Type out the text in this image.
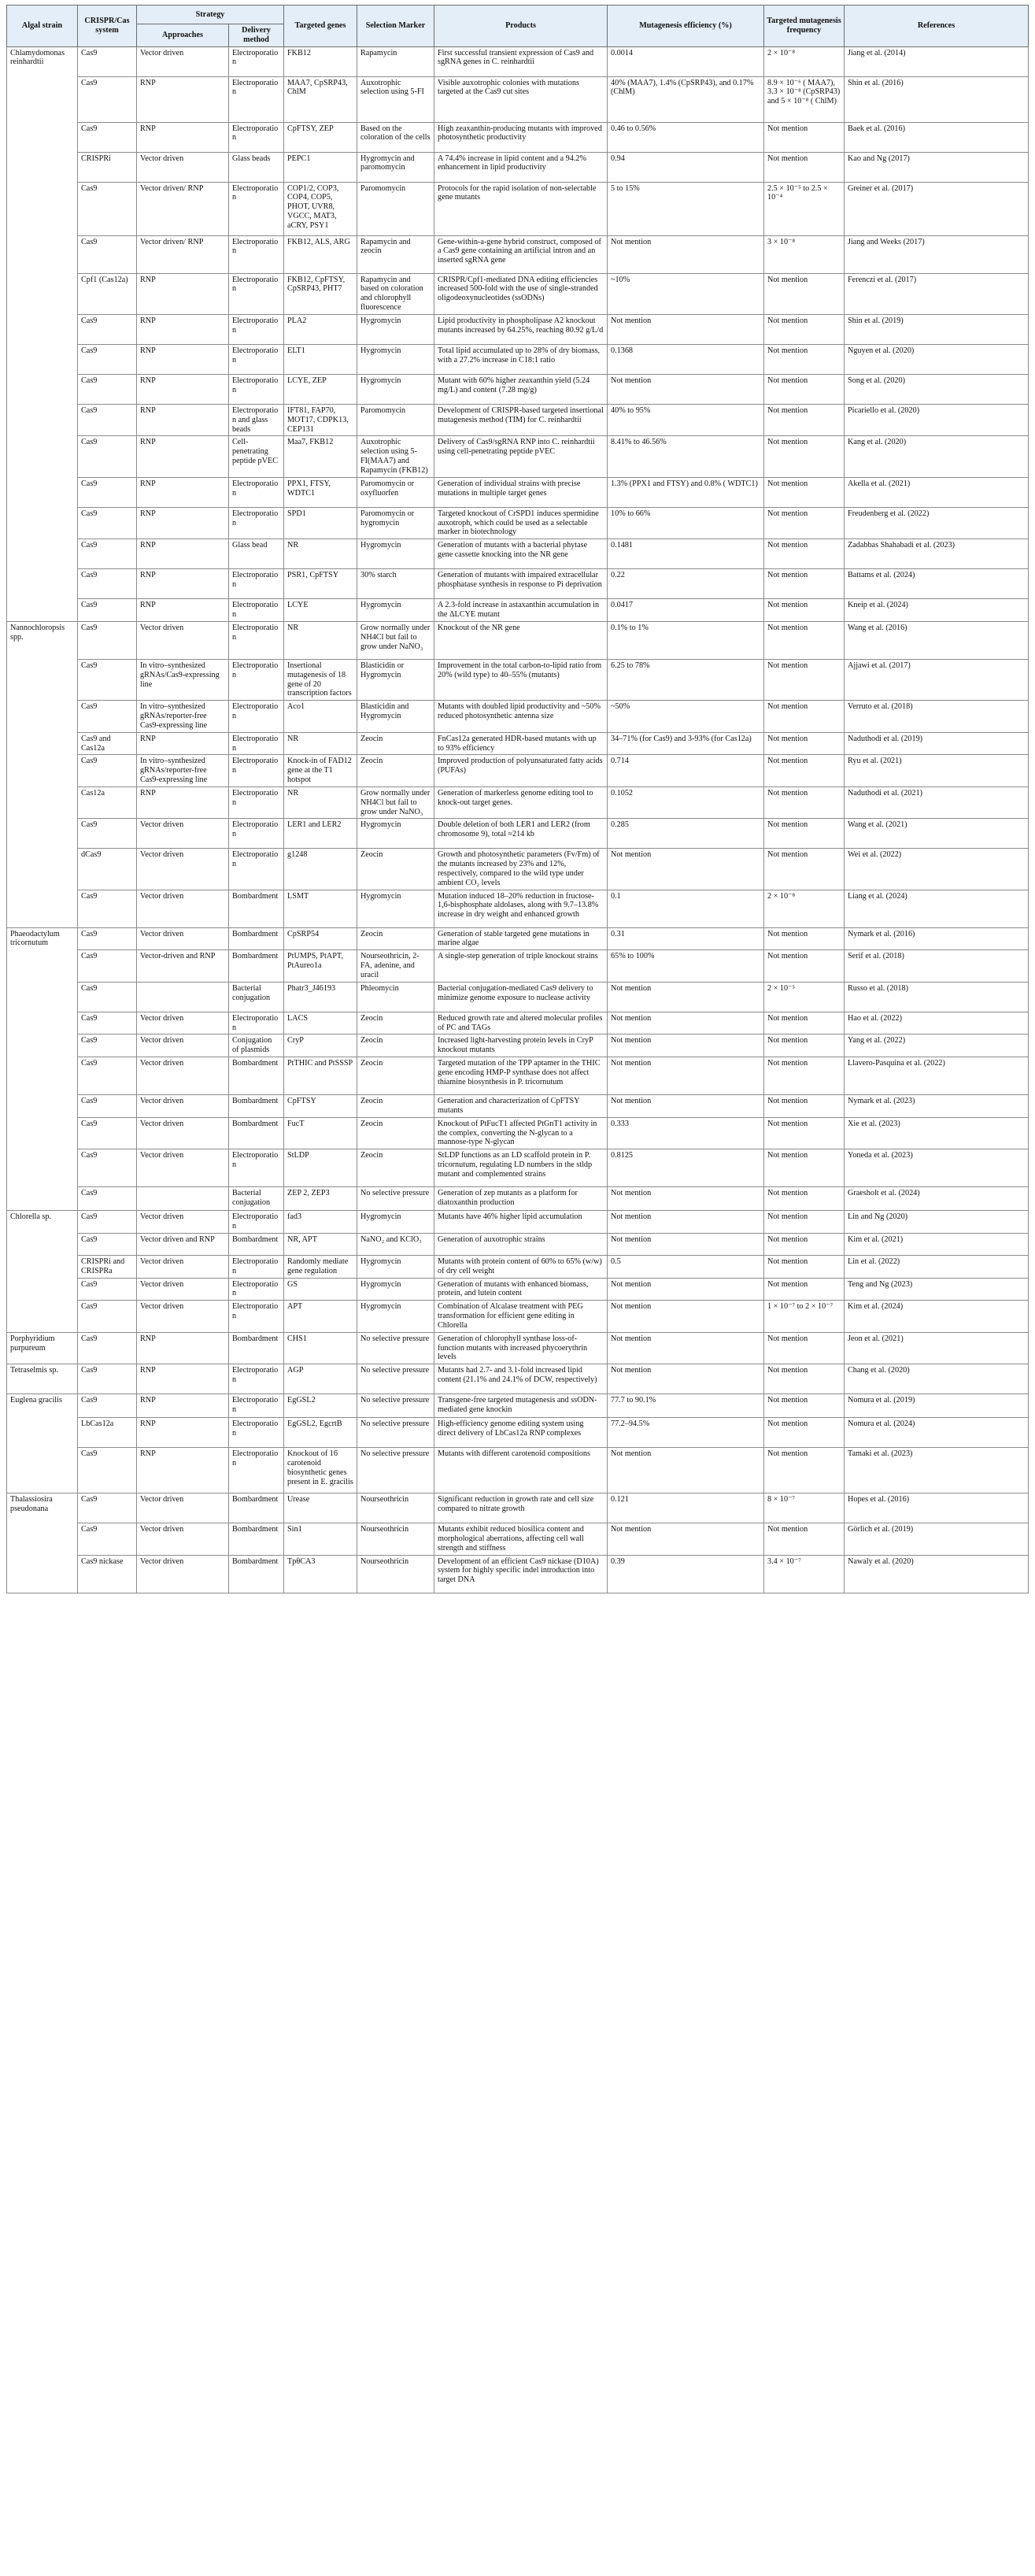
Algal strain	CRISPR/Cas system	Strategy		Targeted genes	Selection Marker	Products	Mutagenesis efficiency (%)	Targeted mutagenesis frequency	References
		Approaches	Delivery method						
Chlamydomonas reinhardtii	Cas9	Vector driven	Electroporation	FKB12	Rapamycin	First successful transient expression of Cas9 and sgRNA genes in C. reinhardtii	0.0014	2 × 10⁻⁸	Jiang et al. (2014)
	Cas9	RNP	Electroporation	MAA7, CpSRP43, ChlM	Auxotrophic selection using 5-FI	Visible auxotrophic colonies with mutations targeted at the Cas9 cut sites	40% (MAA7), 1.4% (CpSRP43), and 0.17% (ChlM)	8.9 × 10⁻⁶ ( MAA7), 3.3 × 10⁻⁸ (CpSRP43) and 5 × 10⁻⁸ ( ChlM)	Shin et al. (2016)
	Cas9	RNP	Electroporation	CpFTSY, ZEP	Based on the coloration of the cells	High zeaxanthin-producing mutants with improved photosynthetic productivity	0.46 to 0.56%	Not mention	Baek et al. (2016)
	CRISPRi	Vector driven	Glass beads	PEPC1	Hygromycin and paromomycin	A 74.4% increase in lipid content and a 94.2% enhancement in lipid productivity	0.94	Not mention	Kao and Ng (2017)
	Cas9	Vector driven/ RNP	Electroporation	COP1/2, COP3, COP4, COP5, PHOT, UVR8, VGCC, MAT3, aCRY, PSY1	Paromomycin	Protocols for the rapid isolation of non-selectable gene mutants	5 to 15%	2.5 × 10⁻⁵ to 2.5 × 10⁻⁴	Greiner et al. (2017)
	Cas9	Vector driven/ RNP	Electroporation	FKB12, ALS, ARG	Rapamycin and zeocin	Gene-within-a-gene hybrid construct, composed of a Cas9 gene containing an artificial intron and an inserted sgRNA gene	Not mention	3 × 10⁻⁸	Jiang and Weeks (2017)
	Cpf1 (Cas12a)	RNP	Electroporation	FKB12, CpFTSY, CpSRP43, PHT7	Rapamycin and based on coloration and chlorophyll fluorescence	CRISPR/Cpf1-mediated DNA editing efficiencies increased 500-fold with the use of single-stranded oligodeoxynucleotides (ssODNs)	~10%	Not mention	Ferenczi et al. (2017)
	Cas9	RNP	Electroporation	PLA2	Hygromycin	Lipid productivity in phospholipase A2 knockout mutants increased by 64.25%, reaching 80.92 g/L/d	Not mention	Not mention	Shin et al. (2019)
	Cas9	RNP	Electroporation	ELT1	Hygromycin	Total lipid accumulated up to 28% of dry biomass, with a 27.2% increase in C18:1 ratio	0.1368	Not mention	Nguyen et al. (2020)
	Cas9	RNP	Electroporation	LCYE, ZEP	Hygromycin	Mutant with 60% higher zeaxanthin yield (5.24 mg/L) and content (7.28 mg/g)	Not mention	Not mention	Song et al. (2020)
	Cas9	RNP	Electroporation and glass beads	IFT81, FAP70, MOT17, CDPK13, CEP131	Paromomycin	Development of CRISPR-based targeted insertional mutagenesis method (TIM) for C. reinhardtii	40% to 95%	Not mention	Picariello et al. (2020)
	Cas9	RNP	Cell-penetrating peptide pVEC	Maa7, FKB12	Auxotrophic selection using 5-FI(MAA7) and Rapamycin (FKB12)	Delivery of Cas9/sgRNA RNP into C. reinhardtii using cell-penetrating peptide pVEC	8.41% to 46.56%	Not mention	Kang et al. (2020)
	Cas9	RNP	Electroporation	PPX1, FTSY, WDTC1	Paromomycin or oxyfluorfen	Generation of individual strains with precise mutations in multiple target genes	1.3% (PPX1 and FTSY) and 0.8% ( WDTC1)	Not mention	Akella et al. (2021)
	Cas9	RNP	Electroporation	SPD1	Paromomycin or hygromycin	Targeted knockout of CrSPD1 induces spermidine auxotroph, which could be used as a selectable marker in biotechnology	10% to 66%	Not mention	Freudenberg et al. (2022)
	Cas9	RNP	Glass bead	NR	Hygromycin	Generation of mutants with a bacterial phytase gene cassette knocking into the NR gene	0.1481	Not mention	Zadabbas Shahabadi et al. (2023)
	Cas9	RNP	Electroporation	PSR1, CpFTSY	30% starch	Generation of mutants with impaired extracellular phosphatase synthesis in response to Pi deprivation	0.22	Not mention	Battams et al. (2024)
	Cas9	RNP	Electroporation	LCYE	Hygromycin	A 2.3-fold increase in astaxanthin accumulation in the ΔLCYE mutant	0.0417	Not mention	Kneip et al. (2024)
Nannochloropsis spp.	Cas9	Vector driven	Electroporation	NR	Grow normally under NH4Cl but fail to grow under NaNO₃	Knockout of the NR gene	0.1% to 1%	Not mention	Wang et al. (2016)
	Cas9	In vitro–synthesized gRNAs/Cas9-expressing line	Electroporation	Insertional mutagenesis of 18 gene of 20 transcription factors	Blasticidin or Hygromycin	Improvement in the total carbon-to-lipid ratio from 20% (wild type) to 40–55% (mutants)	6.25 to 78%	Not mention	Ajjawi et al. (2017)
	Cas9	In vitro–synthesized gRNAs/reporter-free Cas9-expressing line	Electroporation	Aco1	Blasticidin and Hygromycin	Mutants with doubled lipid productivity and ~50% reduced photosynthetic antenna size	~50%	Not mention	Verruto et al. (2018)
	Cas9 and Cas12a	RNP	Electroporation	NR	Zeocin	FnCas12a generated HDR-based mutants with up to 93% efficiency	34–71% (for Cas9) and 3-93% (for Cas12a)	Not mention	Naduthodi et al. (2019)
	Cas9	In vitro–synthesized gRNAs/reporter-free Cas9-expressing line	Electroporation	Knock-in of FAD12 gene at the T1 hotspot	Zeocin	Improved production of polyunsaturated fatty acids (PUFAs)	0.714	Not mention	Ryu et al. (2021)
	Cas12a	RNP	Electroporation	NR	Grow normally under NH4Cl but fail to grow under NaNO₃	Generation of markerless genome editing tool to knock-out target genes.	0.1052	Not mention	Naduthodi et al. (2021)
	Cas9	Vector driven	Electroporation	LER1 and LER2	Hygromycin	Double deletion of both LER1 and LER2 (from chromosome 9), total ≈214 kb	0.285	Not mention	Wang et al. (2021)
	dCas9	Vector driven	Electroporation	g1248	Zeocin	Growth and photosynthetic parameters (Fv/Fm) of the mutants increased by 23% and 12%, respectively, compared to the wild type under ambient CO₂ levels	Not mention	Not mention	Wei et al. (2022)
	Cas9	Vector driven	Bombardment	LSMT	Hygromycin	Mutation induced 18–20% reduction in fructose-1,6-bisphosphate aldolases, along with 9.7–13.8% increase in dry weight and enhanced growth	0.1	2 × 10⁻⁸	Liang et al. (2024)
Phaeodactylum tricornutum	Cas9	Vector driven	Bombardment	CpSRP54	Zeocin	Generation of stable targeted gene mutations in marine algae	0.31	Not mention	Nymark et al. (2016)
	Cas9	Vector-driven and RNP	Bombardment	PtUMPS, PtAPT, PtAureo1a	Nourseothricin, 2-FA, adenine, and uracil	A single-step generation of triple knockout strains	65% to 100%	Not mention	Serif et al. (2018)
	Cas9		Bacterial conjugation	Phatr3_J46193	Phleomycin	Bacterial conjugation-mediated Cas9 delivery to minimize genome exposure to nuclease activity	Not mention	2 × 10⁻⁵	Russo et al. (2018)
	Cas9	Vector driven	Electroporation	LACS	Zeocin	Reduced growth rate and altered molecular profiles of PC and TAGs	Not mention	Not mention	Hao et al. (2022)
	Cas9	Vector driven	Conjugation of plasmids	CryP	Zeocin	Increased light-harvesting protein levels in CryP knockout mutants	Not mention	Not mention	Yang et al. (2022)
	Cas9	Vector driven	Bombardment	PtTHIC and PtSSSP	Zeocin	Targeted mutation of the TPP aptamer in the THIC gene encoding HMP-P synthase does not affect thiamine biosynthesis in P. tricornutum	Not mention	Not mention	Llavero-Pasquina et al. (2022)
	Cas9	Vector driven	Bombardment	CpFTSY	Zeocin	Generation and characterization of CpFTSY mutants	Not mention	Not mention	Nymark et al. (2023)
	Cas9	Vector driven	Bombardment	FucT	Zeocin	Knockout of PtFucT1 affected PtGnT1 activity in the complex, converting the N-glycan to a mannose-type N-glycan	0.333	Not mention	Xie et al. (2023)
	Cas9	Vector driven	Electroporation	StLDP	Zeocin	StLDP functions as an LD scaffold protein in P. tricornutum, regulating LD numbers in the stldp mutant and complemented strains	0.8125	Not mention	Yoneda et al. (2023)
	Cas9		Bacterial conjugation	ZEP 2, ZEP3	No selective pressure	Generation of zep mutants as a platform for diatoxanthin production	Not mention	Not mention	Graesholt et al. (2024)
Chlorella sp.	Cas9	Vector driven	Electroporation	fad3	Hygromycin	Mutants have 46% higher lipid accumulation	Not mention	Not mention	Lin and Ng (2020)
	Cas9	Vector driven and RNP	Bombardment	NR, APT	NaNO₂ and KClO₃	Generation of auxotrophic strains	Not mention	Not mention	Kim et al. (2021)
	CRISPRi and CRISPRa	Vector driven	Electroporation	Randomly mediate gene regulation	Hygromycin	Mutants with protein content of 60% to 65% (w/w) of dry cell weight	0.5	Not mention	Lin et al. (2022)
	Cas9	Vector driven	Electroporation	GS	Hygromycin	Generation of mutants with enhanced biomass, protein, and lutein content	Not mention	Not mention	Teng and Ng (2023)
	Cas9	Vector driven	Electroporation	APT	Hygromycin	Combination of Alcalase treatment with PEG transformation for efficient gene editing in Chlorella	Not mention	1 × 10⁻⁷ to 2 × 10⁻⁷	Kim et al. (2024)
Porphyridium purpureum	Cas9	RNP	Bombardment	CHS1	No selective pressure	Generation of chlorophyll synthase loss-of-function mutants with increased phycoerythrin levels	Not mention	Not mention	Jeon et al. (2021)
Tetraselmis sp.	Cas9	RNP	Electroporation	AGP	No selective pressure	Mutants had 2.7- and 3.1-fold increased lipid content (21.1% and 24.1% of DCW, respectively)	Not mention	Not mention	Chang et al. (2020)
Euglena gracilis	Cas9	RNP	Electroporation	EgGSL2	No selective pressure	Transgene-free targeted mutagenesis and ssODN-mediated gene knockin	77.7 to 90.1%	Not mention	Nomura et al. (2019)
	LbCas12a	RNP	Electroporation	EgGSL2, EgcrtB	No selective pressure	High-efficiency genome editing system using direct delivery of LbCas12a RNP complexes	77.2–94.5%	Not mention	Nomura et al. (2024)
	Cas9	RNP	Electroporation	Knockout of 16 carotenoid biosynthetic genes present in E. gracilis	No selective pressure	Mutants with different carotenoid compositions	Not mention	Not mention	Tamaki et al. (2023)
Thalassiosira pseudonana	Cas9	Vector driven	Bombardment	Urease	Nourseothricin	Significant reduction in growth rate and cell size compared to nitrate growth	0.121	8 × 10⁻⁷	Hopes et al. (2016)
	Cas9	Vector driven	Bombardment	Sin1	Nourseothricin	Mutants exhibit reduced biosilica content and morphological aberrations, affecting cell wall strength and stiffness	Not mention	Not mention	Görlich et al. (2019)
	Cas9 nickase	Vector driven	Bombardment	TpθCA3	Nourseothricin	Development of an efficient Cas9 nickase (D10A) system for highly specific indel introduction into target DNA	0.39	3.4 × 10⁻⁷	Nawaly et al. (2020)
